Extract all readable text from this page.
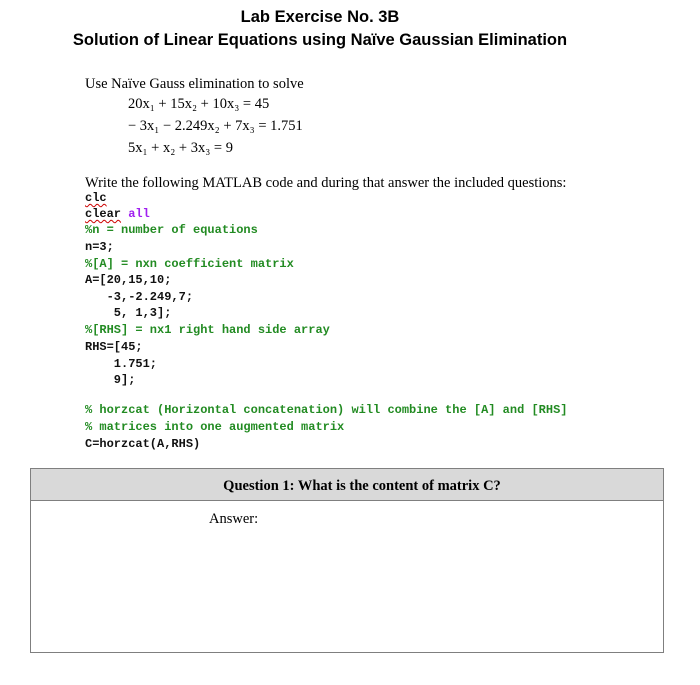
Lab Exercise No. 3B
Solution of Linear Equations using Naïve Gaussian Elimination
Use Naïve Gauss elimination to solve
20x₁ + 15x₂ + 10x₃ = 45
− 3x₁ − 2.249x₂ + 7x₃ = 1.751
5x₁ + x₂ + 3x₃ = 9
Write the following MATLAB code and during that answer the included questions:
clc
clear all
%n = number of equations
n=3;
%[A] = nxn coefficient matrix
A=[20,15,10;
-3,-2.249,7;
5, 1,3];
%[RHS] = nx1 right hand side array
RHS=[45;
1.751;
9];
% horzcat (Horizontal concatenation) will combine the [A] and [RHS]
% matrices into one augmented matrix
C=horzcat(A,RHS)
Question 1: What is the content of matrix C?
Answer:
